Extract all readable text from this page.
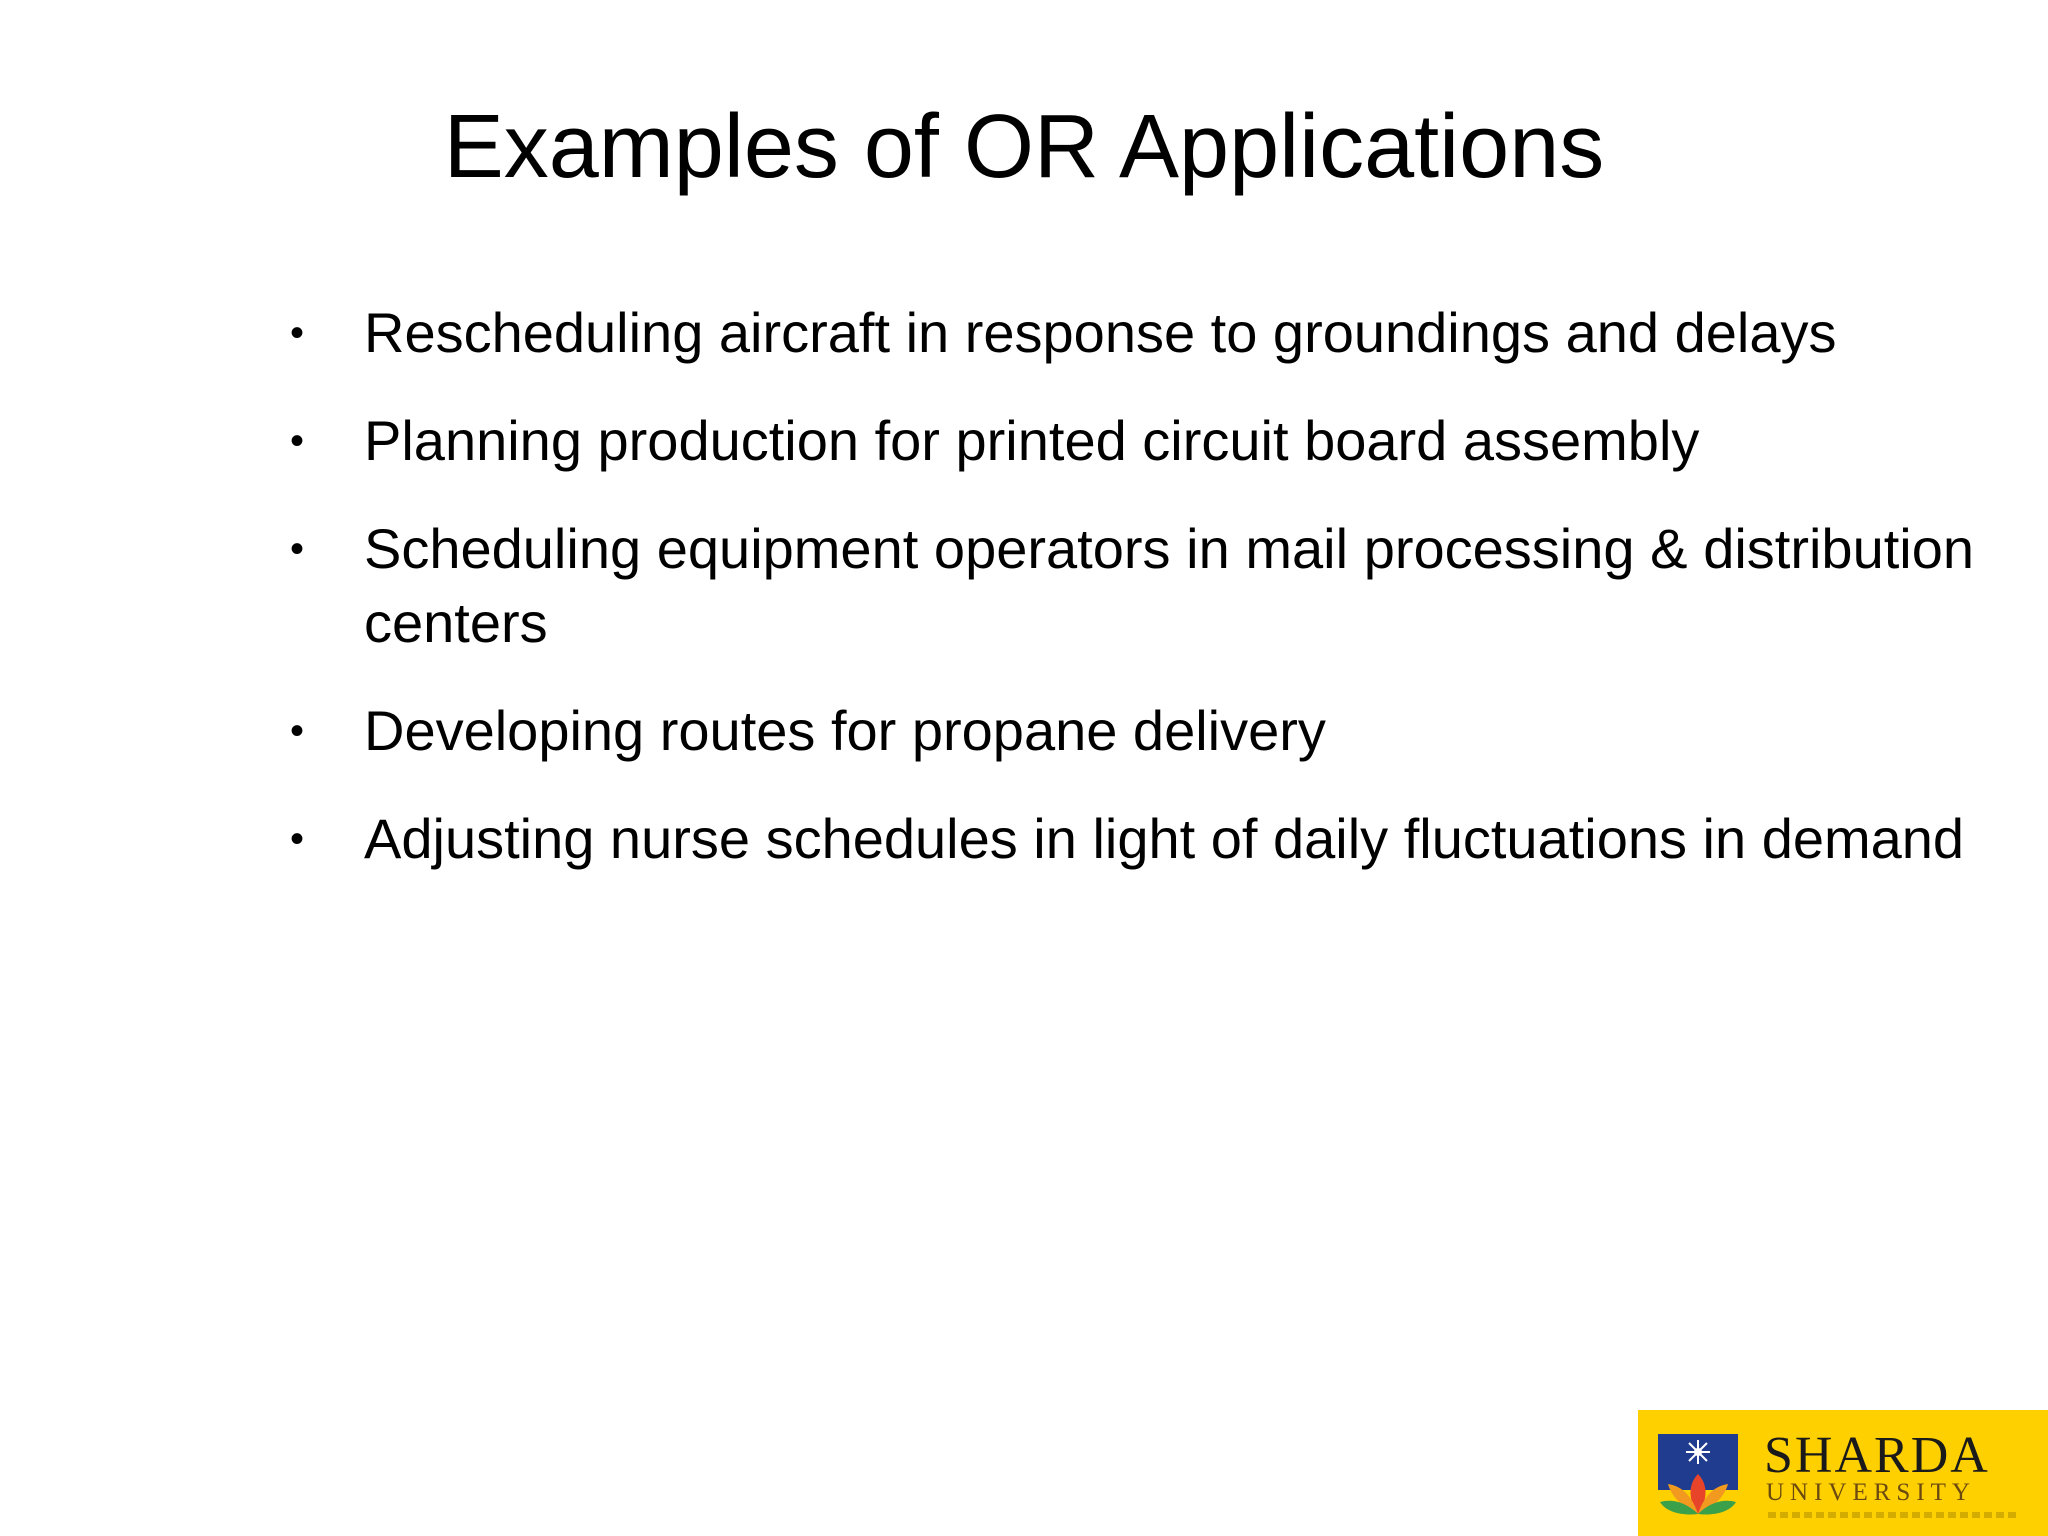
Examples of OR Applications
• Rescheduling aircraft in response to groundings and delays
• Planning production for printed circuit board assembly
• Scheduling equipment operators in mail processing & distribution centers
• Developing routes for propane delivery
• Adjusting nurse schedules in light of daily fluctuations in demand
SHARDA
UNIVERSITY
